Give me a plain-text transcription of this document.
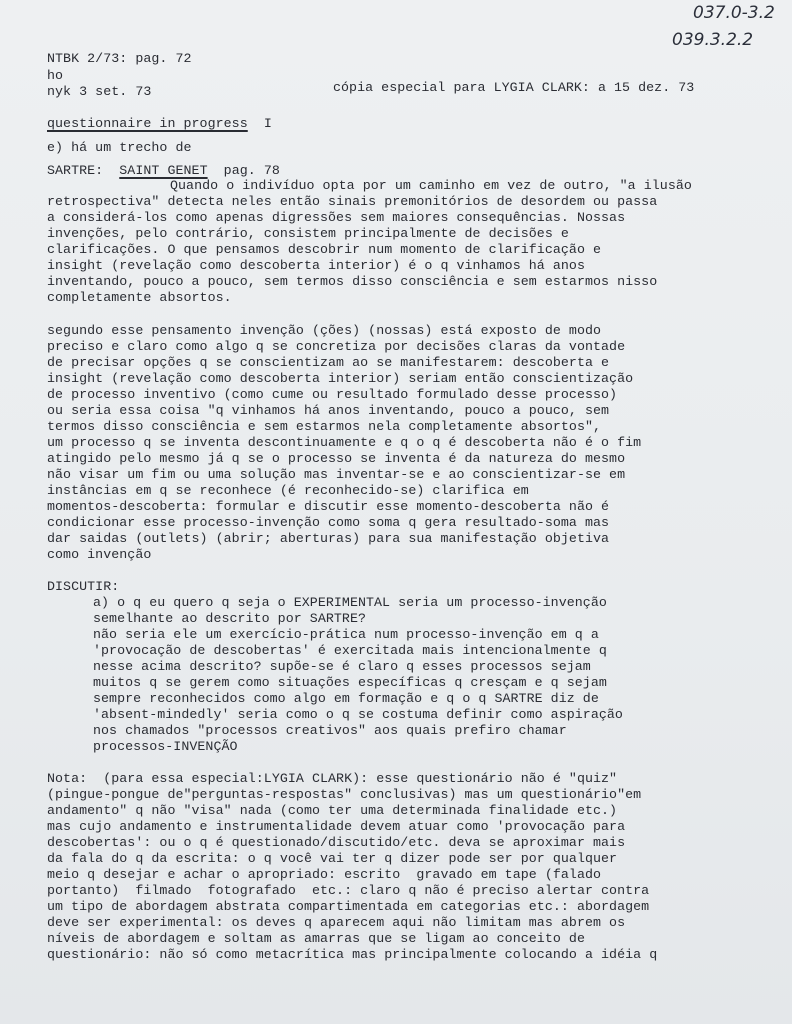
037.0-3.2
039.3.2.2
NTBK 2/73: pag. 72
ho
nyk 3 set. 73	cópia especial para LYGIA CLARK: a 15 dez. 73
questionnaire in progress I
e) há um trecho de
SARTRE: SAINT GENET pag. 78
Quando o indivíduo opta por um caminho em vez de outro, "a ilusão
retrospectiva" detecta neles então sinais premonitórios de desordem ou passa
a considerá-los como apenas digressões sem maiores consequências. Nossas
invenções, pelo contrário, consistem principalmente de decisões e
clarificações. O que pensamos descobrir num momento de clarificação e
insight (revelação como descoberta interior) é o q vinhamos há anos
inventando, pouco a pouco, sem termos disso consciência e sem estarmos nisso
completamente absortos.
segundo esse pensamento invenção (ções) (nossas) está exposto de modo
preciso e claro como algo q se concretiza por decisões claras da vontade
de precisar opções q se conscientizam ao se manifestarem: descoberta e
insight (revelação como descoberta interior) seriam então conscientização
de processo inventivo (como cume ou resultado formulado desse processo)
ou seria essa coisa "q vinhamos há anos inventando, pouco a pouco, sem
termos disso consciência e sem estarmos nela completamente absortos",
um processo q se inventa descontinuamente e q o q é descoberta não é o fim
atingido pelo mesmo já q se o processo se inventa é da natureza do mesmo
não visar um fim ou uma solução mas inventar-se e ao conscientizar-se em
instâncias em q se reconhece (é reconhecido-se) clarifica em
momentos-descoberta: formular e discutir esse momento-descoberta não é
condicionar esse processo-invenção como soma q gera resultado-soma mas
dar saidas (outlets) (abrir; aberturas) para sua manifestação objetiva
como invenção
DISCUTIR:
a) o q eu quero q seja o EXPERIMENTAL seria um processo-invenção
semelhante ao descrito por SARTRE?
não seria ele um exercício-prática num processo-invenção em q a
'provocação de descobertas' é exercitada mais intencionalmente q
nesse acima descrito? supõe-se é claro q esses processos sejam
muitos q se gerem como situações específicas q cresçam e q sejam
sempre reconhecidos como algo em formação e q o q SARTRE diz de
'absent-mindedly' seria como o q se costuma definir como aspiração
nos chamados "processos creativos" aos quais prefiro chamar
processos-INVENÇÃO
Nota:  (para essa especial:LYGIA CLARK): esse questionário não é "quiz"
(pingue-pongue de"perguntas-respostas" conclusivas) mas um questionário"em
andamento" q não "visa" nada (como ter uma determinada finalidade etc.)
mas cujo andamento e instrumentalidade devem atuar como 'provocação para
descobertas': ou o q é questionado/discutido/etc. deva se aproximar mais
da fala do q da escrita: o q você vai ter q dizer pode ser por qualquer
meio q desejar e achar o apropriado: escrito  gravado em tape (falado
portanto)  filmado  fotografado  etc.: claro q não é preciso alertar contra
um tipo de abordagem abstrata compartimentada em categorias etc.: abordagem
deve ser experimental: os deves q aparecem aqui não limitam mas abrem os
níveis de abordagem e soltam as amarras que se ligam ao conceito de
questionário: não só como metacrítica mas principalmente colocando a idéia q
